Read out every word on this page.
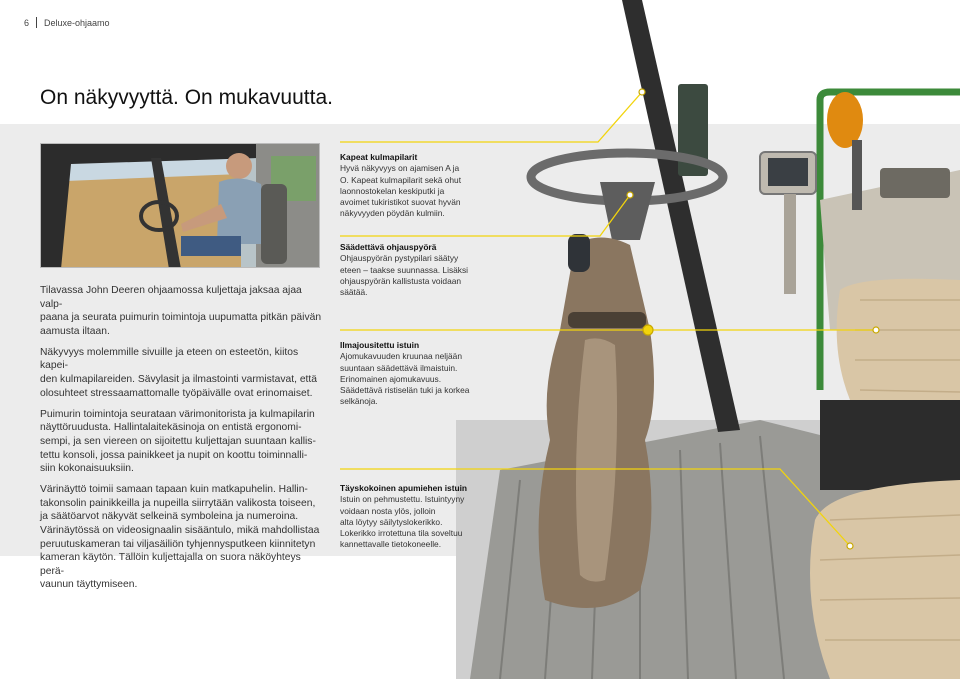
6 Deluxe-ohjaamo
On näkyvyyttä. On mukavuutta.

Tilavassa John Deeren ohjaamossa kuljettaja jaksaa ajaa valp-
paana ja seurata puimurin toimintoja uupumatta pitkän päivän
aamusta iltaan.

Näkyvyys molemmille sivuille ja eteen on esteetön, kiitos kapei-
den kulmapilareiden. Sävylasit ja ilmastointi varmistavat, että
olosuhteet stressaamattomalle työpäivälle ovat erinomaiset.

Puimurin toimintoja seurataan värimonitorista ja kulmapilarin
näyttöruudusta. Hallintalaitekäsinoja on entistä ergonomi-
sempi, ja sen viereen on sijoitettu kuljettajan suuntaan kallis-
tettu konsoli, jossa painikkeet ja nupit on koottu toiminnalli-
siin kokonaisuuksiin.

Värinäyttö toimii samaan tapaan kuin matkapuhelin. Hallin-
takonsolin painikkeilla ja nupeilla siirrytään valikosta toiseen,
ja säätöarvot näkyvät selkeinä symboleina ja numeroina.
Värinäytössä on videosignaalin sisääntulo, mikä mahdollistaa
peruutuskameran tai viljasäiliön tyhjennysputkeen kiinnitetyn
kameran käytön. Tällöin kuljettajalla on suora näköyhteys perä-
vaunun täyttymiseen.

Kapeat kulmapilarit
Hyvä näkyvyys on ajamisen A ja
O. Kapeat kulmapilarit sekä ohut
laonnostokelan keskiputki ja
avoimet tukiristikot suovat hyvän
näkyvyyden pöydän kulmiin.
Säädettävä ohjauspyörä
Ohjauspyörän pystypilari säätyy
eteen – taakse suunnassa. Lisäksi
ohjauspyörän kallistusta voidaan
säätää.
Ilmajousitettu istuin
Ajomukavuuden kruunaa neljään
suuntaan säädettävä ilmaistuin.
Erinomainen ajomukavuus.
Säädettävä ristiselän tuki ja korkea
selkänoja.
Täyskokoinen apumiehen istuin
Istuin on pehmustettu. Istuintyyny
voidaan nosta ylös, jolloin
alta löytyy säilytyslokerikko.
Lokerikko irrotettuna tila soveltuu
kannettavalle tietokoneelle.
